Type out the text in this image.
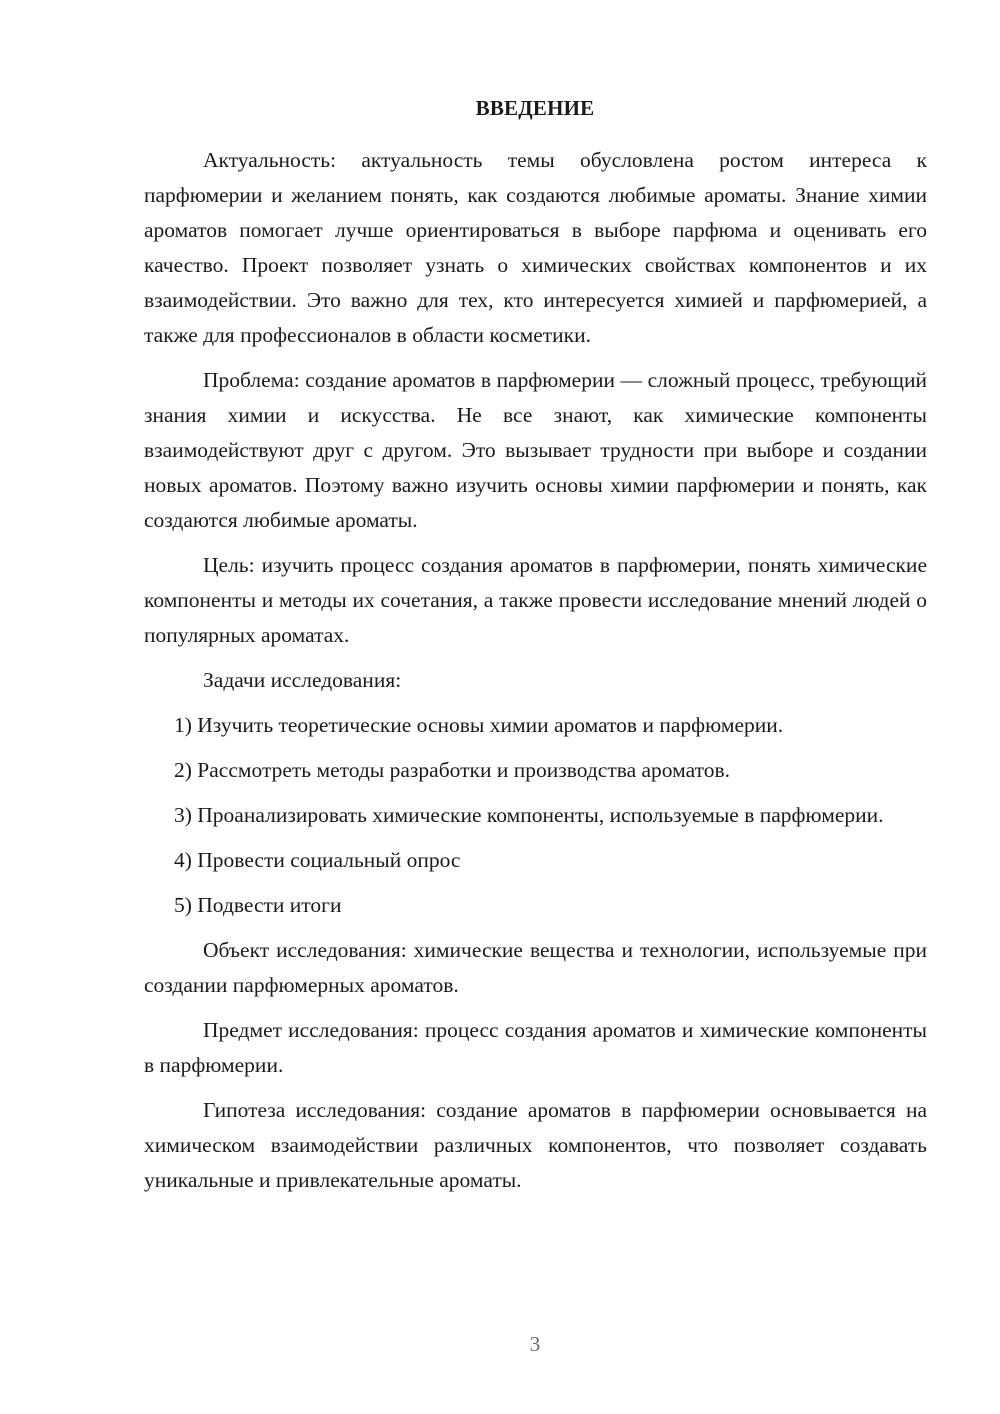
ВВЕДЕНИЕ

Актуальность: актуальность темы обусловлена ростом интереса к парфюмерии и желанием понять, как создаются любимые ароматы. Знание химии ароматов помогает лучше ориентироваться в выборе парфюма и оценивать его качество. Проект позволяет узнать о химических свойствах компонентов и их взаимодействии. Это важно для тех, кто интересуется химией и парфюмерией, а также для профессионалов в области косметики.

Проблема: создание ароматов в парфюмерии — сложный процесс, требующий знания химии и искусства. Не все знают, как химические компоненты взаимодействуют друг с другом. Это вызывает трудности при выборе и создании новых ароматов. Поэтому важно изучить основы химии парфюмерии и понять, как создаются любимые ароматы.

Цель: изучить процесс создания ароматов в парфюмерии, понять химические компоненты и методы их сочетания, а также провести исследование мнений людей о популярных ароматах.

Задачи исследования:

1) Изучить теоретические основы химии ароматов и парфюмерии.

2) Рассмотреть методы разработки и производства ароматов.

3) Проанализировать химические компоненты, используемые в парфюмерии.

4) Провести социальный опрос

5) Подвести итоги

Объект исследования: химические вещества и технологии, используемые при создании парфюмерных ароматов.

Предмет исследования: процесс создания ароматов и химические компоненты в парфюмерии.

Гипотеза исследования: создание ароматов в парфюмерии основывается на химическом взаимодействии различных компонентов, что позволяет создавать уникальные и привлекательные ароматы.

3
